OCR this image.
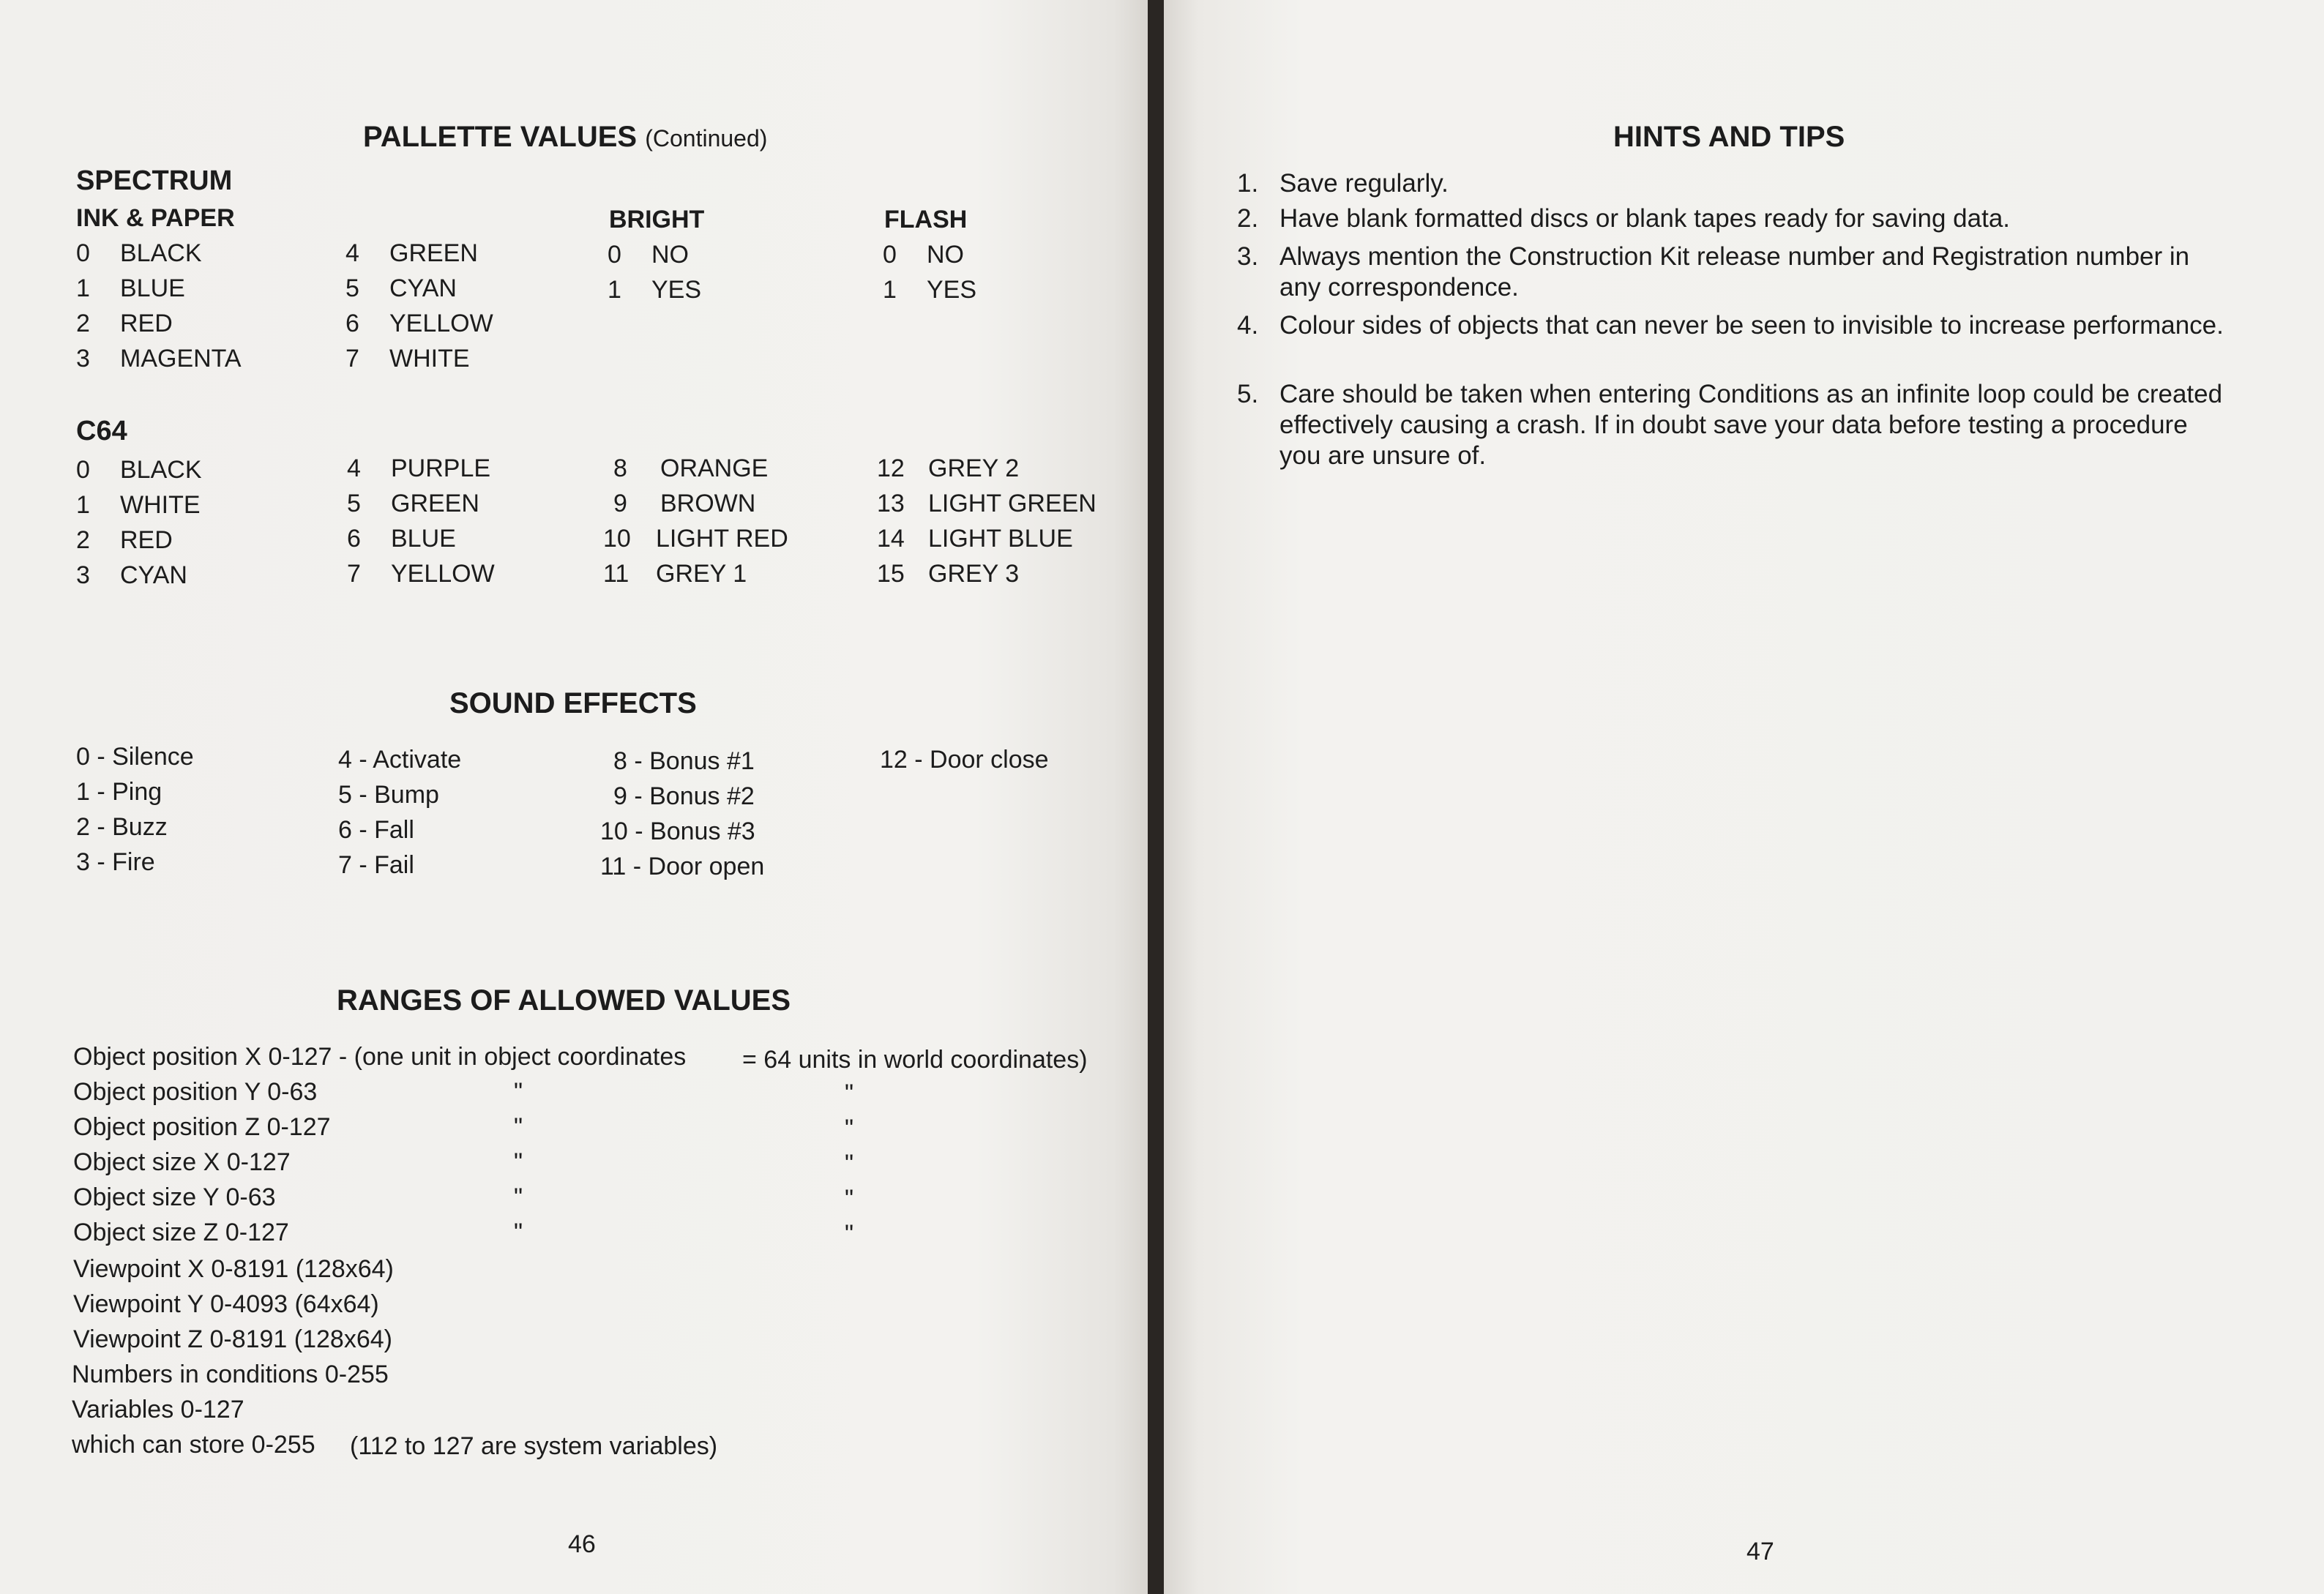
PALLETTE VALUES (Continued)
SPECTRUM
INK & PAPER	BRIGHT	FLASH
0 BLACK
1 BLUE
2 RED
3 MAGENTA
4 GREEN
5 CYAN
6 YELLOW
7 WHITE
0 NO
1 YES
0 NO
1 YES
C64
0 BLACK
1 WHITE
2 RED
3 CYAN
4 PURPLE
5 GREEN
6 BLUE
7 YELLOW
8 ORANGE
9 BROWN
10 LIGHT RED
11 GREY 1
12 GREY 2
13 LIGHT GREEN
14 LIGHT BLUE
15 GREY 3
SOUND EFFECTS
0 - Silence
1 - Ping
2 - Buzz
3 - Fire
4 - Activate
5 - Bump
6 - Fall
7 - Fail
8 - Bonus #1
9 - Bonus #2
10 - Bonus #3
11 - Door open
12 - Door close
RANGES OF ALLOWED VALUES
Object position X 0-127 - (one unit in object coordinates = 64 units in world coordinates)
Object position Y 0-63
Object position Z 0-127
Object size X 0-127
Object size Y 0-63
Object size Z 0-127
"
"
"
"
"
"
"
"
"
"
Viewpoint X 0-8191 (128x64)
Viewpoint Y 0-4093 (64x64)
Viewpoint Z 0-8191 (128x64)
Numbers in conditions 0-255
Variables 0-127
which can store 0-255 (112 to 127 are system variables)
46
HINTS AND TIPS
1. Save regularly.
2. Have blank formatted discs or blank tapes ready for saving data.
3. Always mention the Construction Kit release number and Registration number in any correspondence.
4. Colour sides of objects that can never be seen to invisible to increase performance.
5. Care should be taken when entering Conditions as an infinite loop could be created effectively causing a crash. If in doubt save your data before testing a procedure you are unsure of.
47
